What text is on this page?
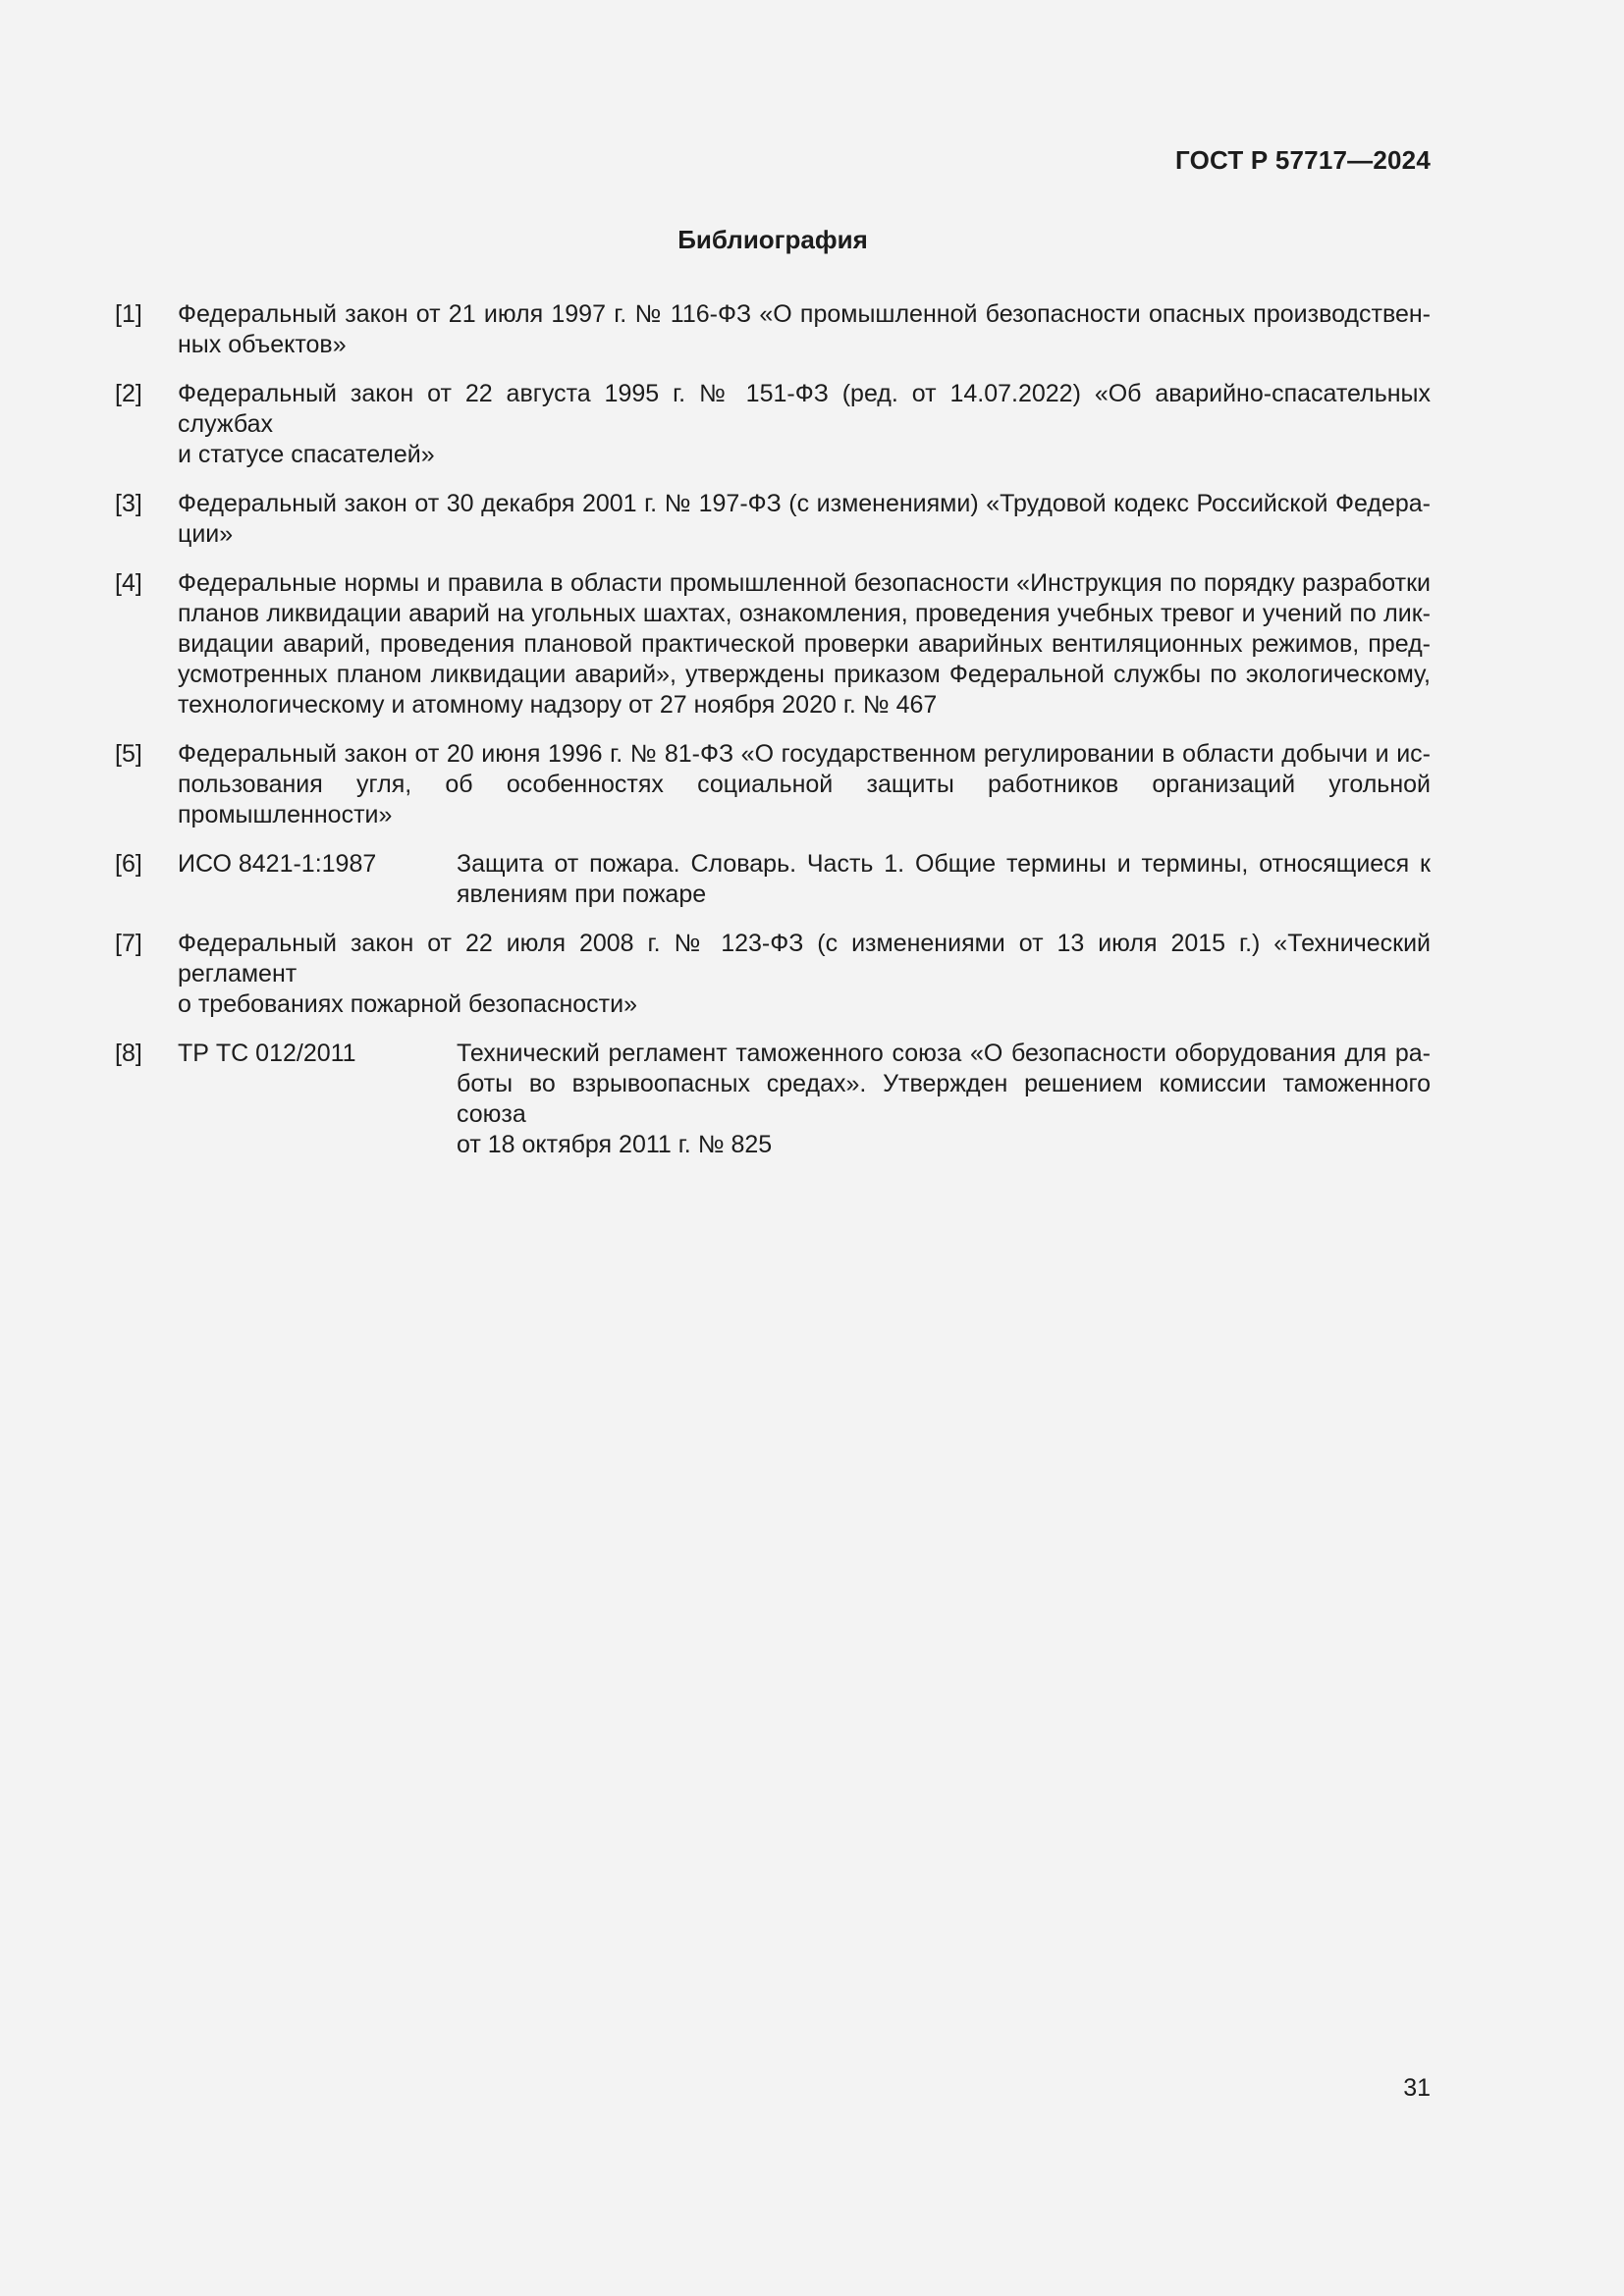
ГОСТ Р 57717—2024
Библиография
[1]	Федеральный закон от 21 июля 1997 г. № 116-ФЗ «О промышленной безопасности опасных производствен-
ных объектов»
[2]	Федеральный закон от 22 августа 1995 г. № 151-ФЗ (ред. от 14.07.2022) «Об аварийно-спасательных службах
и статусе спасателей»
[3]	Федеральный закон от 30 декабря 2001 г. № 197-ФЗ (с изменениями) «Трудовой кодекс Российской Федера-
ции»
[4]	Федеральные нормы и правила в области промышленной безопасности «Инструкция по порядку разработки
планов ликвидации аварий на угольных шахтах, ознакомления, проведения учебных тревог и учений по лик-
видации аварий, проведения плановой практической проверки аварийных вентиляционных режимов, пред-
усмотренных планом ликвидации аварий», утверждены приказом Федеральной службы по экологическому,
технологическому и атомному надзору от 27 ноября 2020 г. № 467
[5]	Федеральный закон от 20 июня 1996 г. № 81-ФЗ «О государственном регулировании в области добычи и ис-
пользования угля, об особенностях социальной защиты работников организаций угольной промышленности»
[6]	ИСО 8421-1:1987	Защита от пожара. Словарь. Часть 1. Общие термины и термины, относящиеся к
явлениям при пожаре
[7]	Федеральный закон от 22 июля 2008 г. № 123-ФЗ (с изменениями от 13 июля 2015 г.) «Технический регламент
о требованиях пожарной безопасности»
[8]	ТР ТС 012/2011	Технический регламент таможенного союза «О безопасности оборудования для ра-
боты во взрывоопасных средах». Утвержден решением комиссии таможенного союза
от 18 октября 2011 г. № 825
31
